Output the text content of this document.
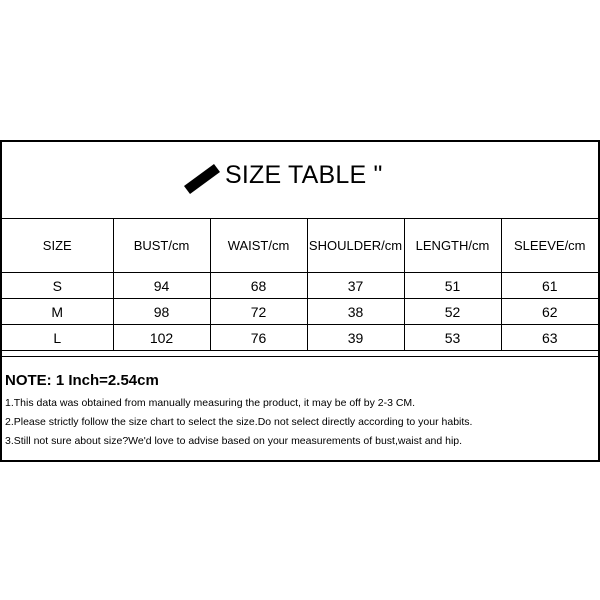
SIZE TABLE "
SIZE	BUST/cm	WAIST/cm	SHOULDER/cm	LENGTH/cm	SLEEVE/cm
S	94	68	37	51	61
M	98	72	38	52	62
L	102	76	39	53	63
NOTE: 1 Inch=2.54cm
1.This data was obtained from manually measuring the product, it may be off by 2-3 CM.
2.Please strictly follow the size chart to select the size.Do not select directly according to your habits.
3.Still not sure about size?We'd love to advise based on your measurements of bust,waist and hip.
